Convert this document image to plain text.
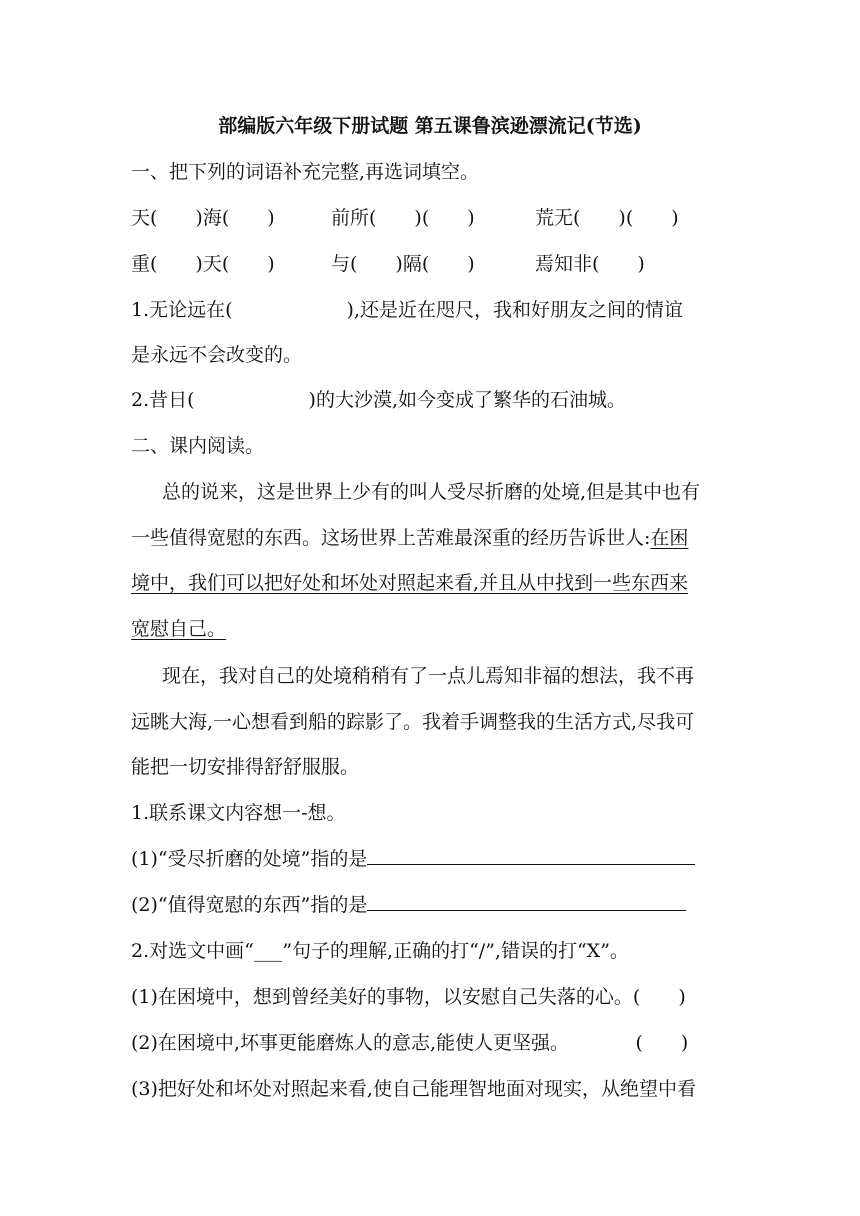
部编版六年级下册试题 第五课鲁滨逊漂流记(节选)
一、把下列的词语补充完整,再选词填空。
天(　　)海(　　)	前所(　　)(　　)	荒无(　　)(　　)
重(　　)天(　　)	与(　　)隔(　　)	焉知非(　　)
1.无论远在(　　　　　　),还是近在咫尺，我和好朋友之间的情谊
是永远不会改变的。
2.昔日(　　　　　　)的大沙漠,如今变成了繁华的石油城。
二、课内阅读。
总的说来，这是世界上少有的叫人受尽折磨的处境,但是其中也有
一些值得宽慰的东西。这场世界上苦难最深重的经历告诉世人:在困
境中，我们可以把好处和坏处对照起来看,并且从中找到一些东西来
宽慰自己。
现在，我对自己的处境稍稍有了一点儿焉知非福的想法，我不再
远眺大海,一心想看到船的踪影了。我着手调整我的生活方式,尽我可
能把一切安排得舒舒服服。
1.联系课文内容想一-想。
(1)“受尽折磨的处境”指的是
(2)“值得宽慰的东西”指的是
2.对选文中画“___”句子的理解,正确的打“/”,错误的打“X”。
(1)在困境中，想到曾经美好的事物，以安慰自己失落的心。(　　)
(2)在困境中,坏事更能磨炼人的意志,能使人更坚强。　　　　(　　)
(3)把好处和坏处对照起来看,使自己能理智地面对现实，从绝望中看
